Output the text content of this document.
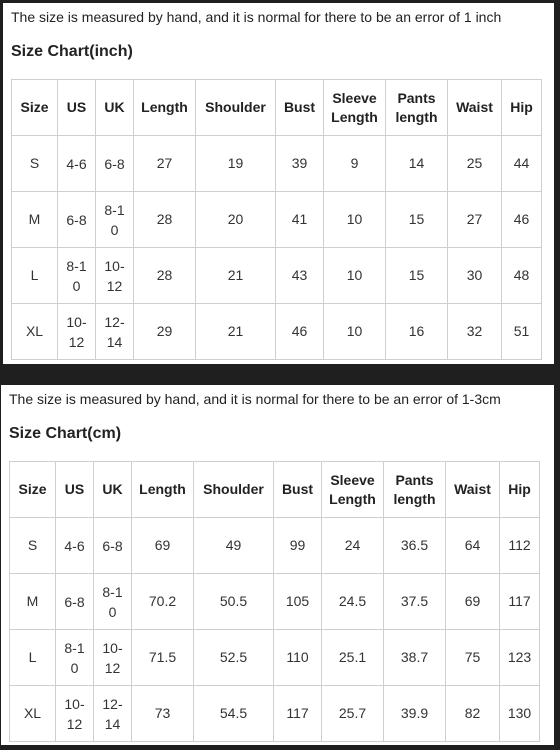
The size is measured by hand, and it is normal for there to be an error of 1 inch
Size Chart(inch)
Size	US	UK	Length	Shoulder	Bust	Sleeve Length	Pants length	Waist	Hip
S	4-6	6-8	27	19	39	9	14	25	44
M	6-8	8-10	28	20	41	10	15	27	46
L	8-10	10-12	28	21	43	10	15	30	48
XL	10-12	12-14	29	21	46	10	16	32	51
The size is measured by hand, and it is normal for there to be an error of 1-3cm
Size Chart(cm)
Size	US	UK	Length	Shoulder	Bust	Sleeve Length	Pants length	Waist	Hip
S	4-6	6-8	69	49	99	24	36.5	64	112
M	6-8	8-10	70.2	50.5	105	24.5	37.5	69	117
L	8-10	10-12	71.5	52.5	110	25.1	38.7	75	123
XL	10-12	12-14	73	54.5	117	25.7	39.9	82	130
